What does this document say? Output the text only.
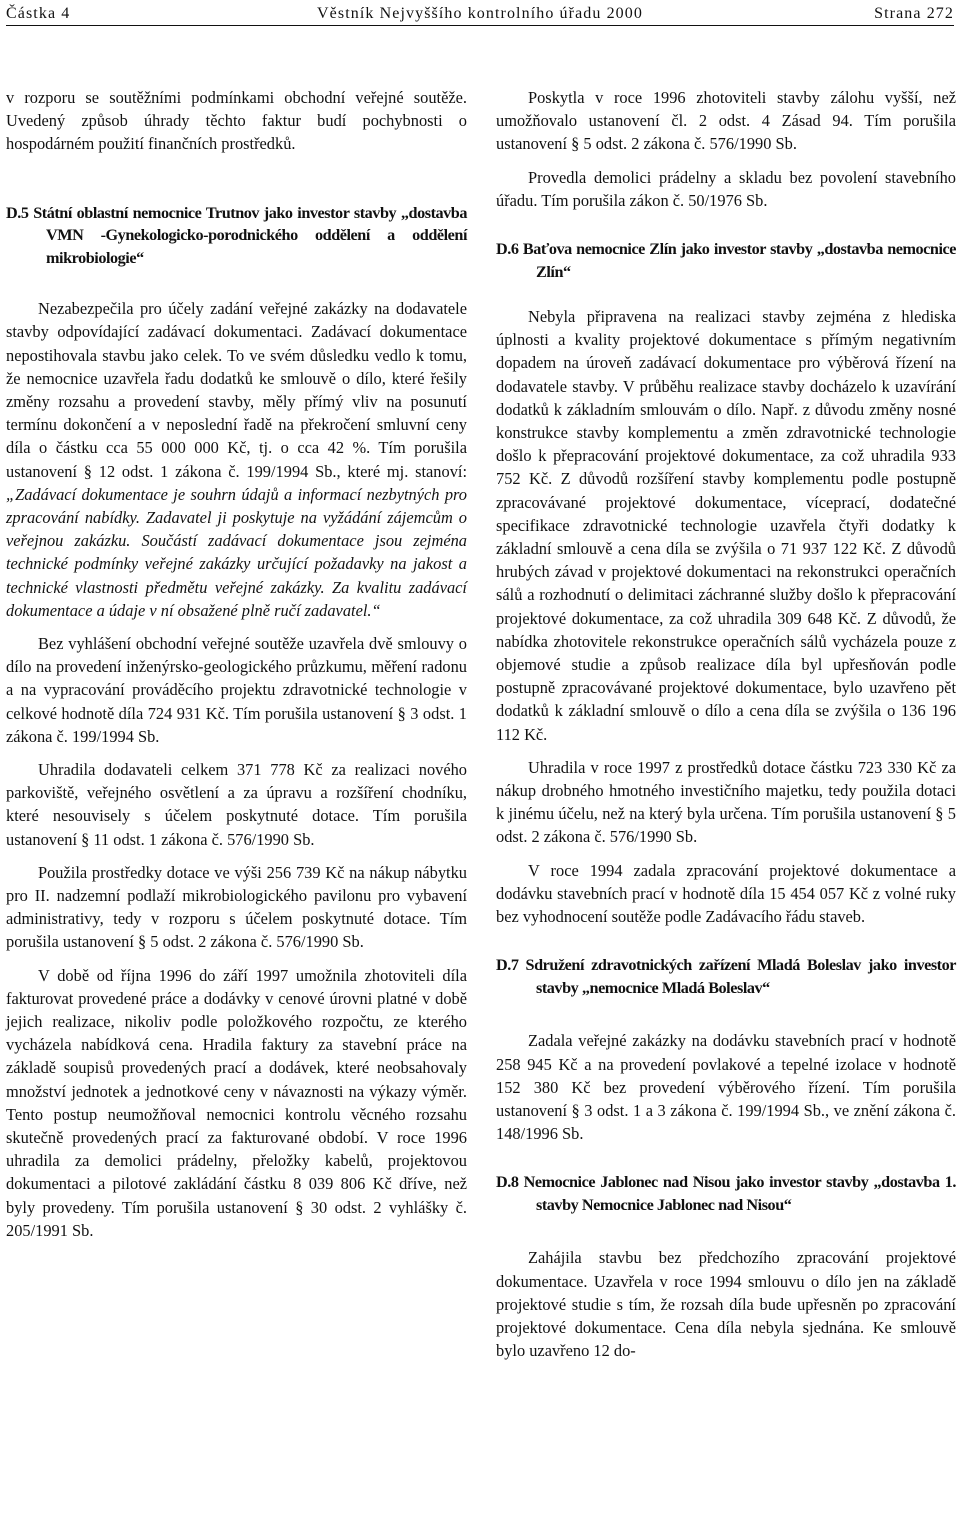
Částka 4	Věstník Nejvyššího kontrolního úřadu 2000	Strana 272

v rozporu se soutěžními podmínkami obchodní veřejné soutěže. Uvedený způsob úhrady těchto faktur budí pochybnosti o hospodárném použití finančních prostředků.

D.5 Státní oblastní nemocnice Trutnov jako investor stavby „dostavba VMN -Gynekologicko-porodnického oddělení a oddělení mikrobiologie“

Nezabezpečila pro účely zadání veřejné zakázky na dodavatele stavby odpovídající zadávací dokumentaci. Zadávací dokumentace nepostihovala stavbu jako celek. To ve svém důsledku vedlo k tomu, že nemocnice uzavřela řadu dodatků ke smlouvě o dílo, které řešily změny rozsahu a provedení stavby, měly přímý vliv na posunutí termínu dokončení a v neposlední řadě na překročení smluvní ceny díla o částku cca 55 000 000 Kč, tj. o cca 42 %. Tím porušila ustanovení § 12 odst. 1 zákona č. 199/1994 Sb., které mj. stanoví: „Zadávací dokumentace je souhrn údajů a informací nezbytných pro zpracování nabídky. Zadavatel ji poskytuje na vyžádání zájemcům o veřejnou zakázku. Součástí zadávací dokumentace jsou zejména technické podmínky veřejné zakázky určující požadavky na jakost a technické vlastnosti předmětu veřejné zakázky. Za kvalitu zadávací dokumentace a údaje v ní obsažené plně ručí zadavatel.“

Bez vyhlášení obchodní veřejné soutěže uzavřela dvě smlouvy o dílo na provedení inženýrsko-geologického průzkumu, měření radonu a na vypracování prováděcího projektu zdravotnické technologie v celkové hodnotě díla 724 931 Kč. Tím porušila ustanovení § 3 odst. 1 zákona č. 199/1994 Sb.

Uhradila dodavateli celkem 371 778 Kč za realizaci nového parkoviště, veřejného osvětlení a za úpravu a rozšíření chodníku, které nesouvisely s účelem poskytnuté dotace. Tím porušila ustanovení § 11 odst. 1 zákona č. 576/1990 Sb.

Použila prostředky dotace ve výši 256 739 Kč na nákup nábytku pro II. nadzemní podlaží mikrobiologického pavilonu pro vybavení administrativy, tedy v rozporu s účelem poskytnuté dotace. Tím porušila ustanovení § 5 odst. 2 zákona č. 576/1990 Sb.

V době od října 1996 do září 1997 umožnila zhotoviteli díla fakturovat provedené práce a dodávky v cenové úrovni platné v době jejich realizace, nikoliv podle položkového rozpočtu, ze kterého vycházela nabídková cena. Hradila faktury za stavební práce na základě soupisů provedených prací a dodávek, které neobsahovaly množství jednotek a jednotkové ceny v návaznosti na výkazy výměr. Tento postup neumožňoval nemocnici kontrolu věcného rozsahu skutečně provedených prací za fakturované období. V roce 1996 uhradila za demolici prádelny, přeložky kabelů, projektovou dokumentaci a pilotové zakládání částku 8 039 806 Kč dříve, než byly provedeny. Tím porušila ustanovení § 30 odst. 2 vyhlášky č. 205/1991 Sb.

Poskytla v roce 1996 zhotoviteli stavby zálohu vyšší, než umožňovalo ustanovení čl. 2 odst. 4 Zásad 94. Tím porušila ustanovení § 5 odst. 2 zákona č. 576/1990 Sb.

Provedla demolici prádelny a skladu bez povolení stavebního úřadu. Tím porušila zákon č. 50/1976 Sb.

D.6 Baťova nemocnice Zlín jako investor stavby „dostavba nemocnice Zlín“

Nebyla připravena na realizaci stavby zejména z hlediska úplnosti a kvality projektové dokumentace s přímým negativním dopadem na úroveň zadávací dokumentace pro výběrová řízení na dodavatele stavby. V průběhu realizace stavby docházelo k uzavírání dodatků k základním smlouvám o dílo. Např. z důvodu změny nosné konstrukce stavby komplementu a změn zdravotnické technologie došlo k přepracování projektové dokumentace, za což uhradila 933 752 Kč. Z důvodů rozšíření stavby komplementu podle postupně zpracovávané projektové dokumentace, víceprací, dodatečné specifikace zdravotnické technologie uzavřela čtyři dodatky k základní smlouvě a cena díla se zvýšila o 71 937 122 Kč. Z důvodů hrubých závad v projektové dokumentaci na rekonstrukci operačních sálů a rozhodnutí o delimitaci záchranné služby došlo k přepracování projektové dokumentace, za což uhradila 309 648 Kč. Z důvodů, že nabídka zhotovitele rekonstrukce operačních sálů vycházela pouze z objemové studie a způsob realizace díla byl upřesňován podle postupně zpracovávané projektové dokumentace, bylo uzavřeno pět dodatků k základní smlouvě o dílo a cena díla se zvýšila o 136 196 112 Kč.

Uhradila v roce 1997 z prostředků dotace částku 723 330 Kč za nákup drobného hmotného investičního majetku, tedy použila dotaci k jinému účelu, než na který byla určena. Tím porušila ustanovení § 5 odst. 2 zákona č. 576/1990 Sb.

V roce 1994 zadala zpracování projektové dokumentace a dodávku stavebních prací v hodnotě díla 15 454 057 Kč z volné ruky bez vyhodnocení soutěže podle Zadávacího řádu staveb.

D.7 Sdružení zdravotnických zařízení Mladá Boleslav jako investor stavby „nemocnice Mladá Boleslav“

Zadala veřejné zakázky na dodávku stavebních prací v hodnotě 258 945 Kč a na provedení povlakové a tepelné izolace v hodnotě 152 380 Kč bez provedení výběrového řízení. Tím porušila ustanovení § 3 odst. 1 a 3 zákona č. 199/1994 Sb., ve znění zákona č. 148/1996 Sb.

D.8 Nemocnice Jablonec nad Nisou jako investor stavby „dostavba 1. stavby Nemocnice Jablonec nad Nisou“

Zahájila stavbu bez předchozího zpracování projektové dokumentace. Uzavřela v roce 1994 smlouvu o dílo jen na základě projektové studie s tím, že rozsah díla bude upřesněn po zpracování projektové dokumentace. Cena díla nebyla sjednána. Ke smlouvě bylo uzavřeno 12 do-
